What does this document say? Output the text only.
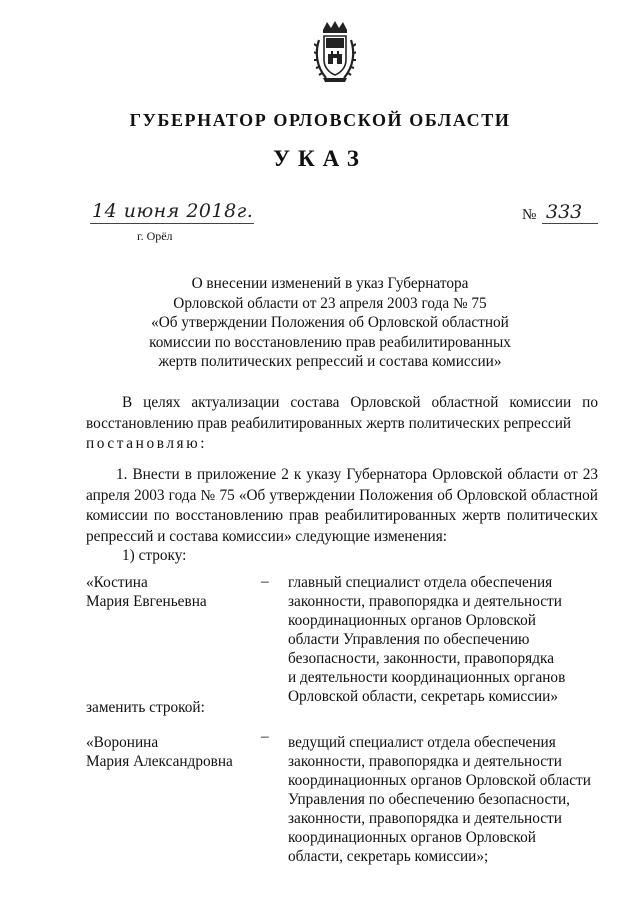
ГУБЕРНАТОР ОРЛОВСКОЙ ОБЛАСТИ
УКАЗ
14 июня 2018г.
г. Орёл
№ 333
О внесении изменений в указ Губернатора
Орловской области от 23 апреля 2003 года № 75
«Об утверждении Положения об Орловской областной
комиссии по восстановлению прав реабилитированных
жертв политических репрессий и состава комиссии»
В целях актуализации состава Орловской областной комиссии по восстановлению прав реабилитированных жертв политических репрессий
постановляю:
1. Внести в приложение 2 к указу Губернатора Орловской области от 23 апреля 2003 года № 75 «Об утверждении Положения об Орловской областной комиссии по восстановлению прав реабилитированных жертв политических репрессий и состава комиссии» следующие изменения:
1) строку:
«Костина
Мария Евгеньевна
– главный специалист отдела обеспечения
законности, правопорядка и деятельности
координационных органов Орловской
области Управления по обеспечению
безопасности, законности, правопорядка
и деятельности координационных органов
Орловской области, секретарь комиссии»
заменить строкой:
«Воронина
Мария Александровна
– ведущий специалист отдела обеспечения
законности, правопорядка и деятельности
координационных органов Орловской области
Управления по обеспечению безопасности,
законности, правопорядка и деятельности
координационных органов Орловской
области, секретарь комиссии»;
